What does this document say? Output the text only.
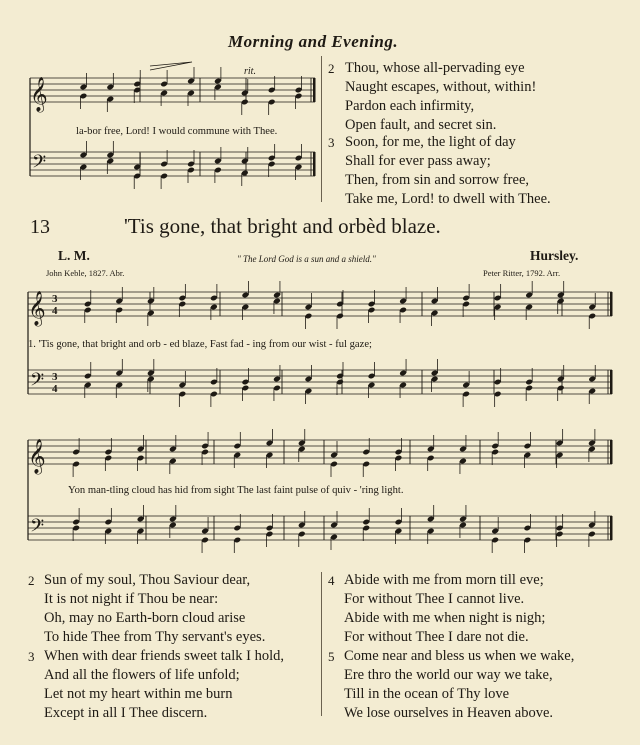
Morning and Evening.
𝄞
𝄢
𝄞
𝄢
3
4
3
4
𝄞
𝄢
la-bor free, Lord! I would commune with Thee.
rit.	2 Thou, whose all-pervading eye
Naught escapes, without, within!
Pardon each infirmity,
Open fault, and secret sin.
3 Soon, for me, the light of day
Shall for ever pass away;
Then, from sin and sorrow free,
Take me, Lord! to dwell with Thee.
13	'Tis gone, that bright and orbèd blaze.
L. M.	" The Lord God is a sun and a shield."	Hursley.
John Keble, 1827. Abr.	Peter Ritter, 1792. Arr.
1. 'Tis gone, that bright and orb - ed blaze, Fast fad - ing from our wist - ful gaze;
Yon man-tling cloud has hid from sight The last faint pulse of quiv - 'ring light.
2 Sun of my soul, Thou Saviour dear,
It is not night if Thou be near:
Oh, may no Earth-born cloud arise
To hide Thee from Thy servant's eyes.
3 When with dear friends sweet talk I hold,
And all the flowers of life unfold;
Let not my heart within me burn
Except in all I Thee discern.
4 Abide with me from morn till eve;
For without Thee I cannot live.
Abide with me when night is nigh;
For without Thee I dare not die.
5 Come near and bless us when we wake,
Ere thro the world our way we take,
Till in the ocean of Thy love
We lose ourselves in Heaven above.
